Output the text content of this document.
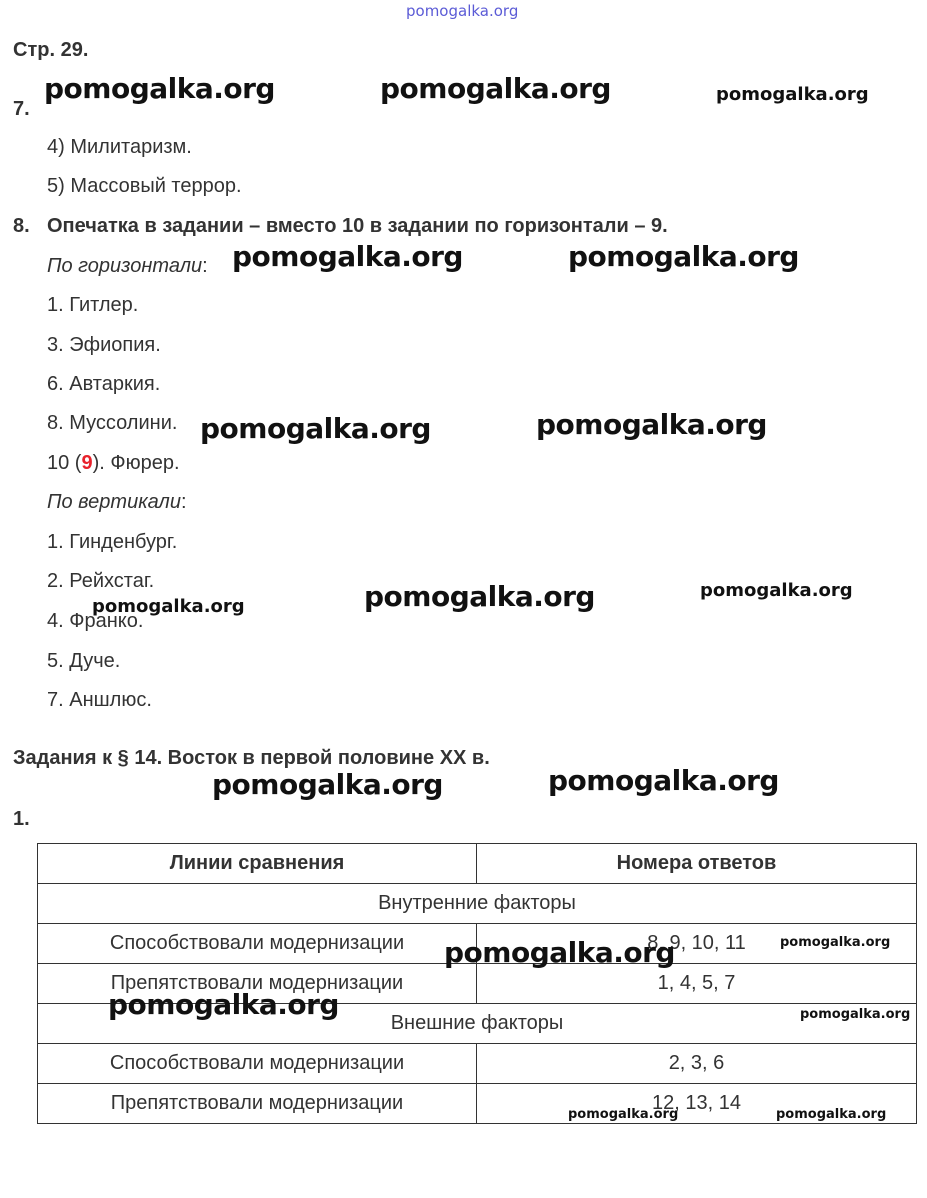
pomogalka.org
Стр. 29.
7.
4) Милитаризм.
5) Массовый террор.
8. Опечатка в задании – вместо 10 в задании по горизонтали – 9.
По горизонтали:
1. Гитлер.
3. Эфиопия.
6. Автаркия.
8. Муссолини.
10 (9). Фюрер.
По вертикали:
1. Гинденбург.
2. Рейхстаг.
4. Франко.
5. Дуче.
7. Аншлюс.
Задания к § 14. Восток в первой половине XX в.
1.
Линии сравнения	Номера ответов
Внутренние факторы	
Способствовали модернизации	8, 9, 10, 11
Препятствовали модернизации	1, 4, 5, 7
Внешние факторы	
Способствовали модернизации	2, 3, 6
Препятствовали модернизации	12, 13, 14
pomogalka.org	pomogalka.org	pomogalka.org
pomogalka.org	pomogalka.org
pomogalka.org	pomogalka.org
pomogalka.org	pomogalka.org	pomogalka.org
pomogalka.org	pomogalka.org
pomogalka.org	pomogalka.org
pomogalka.org	pomogalka.org
pomogalka.org	pomogalka.org
